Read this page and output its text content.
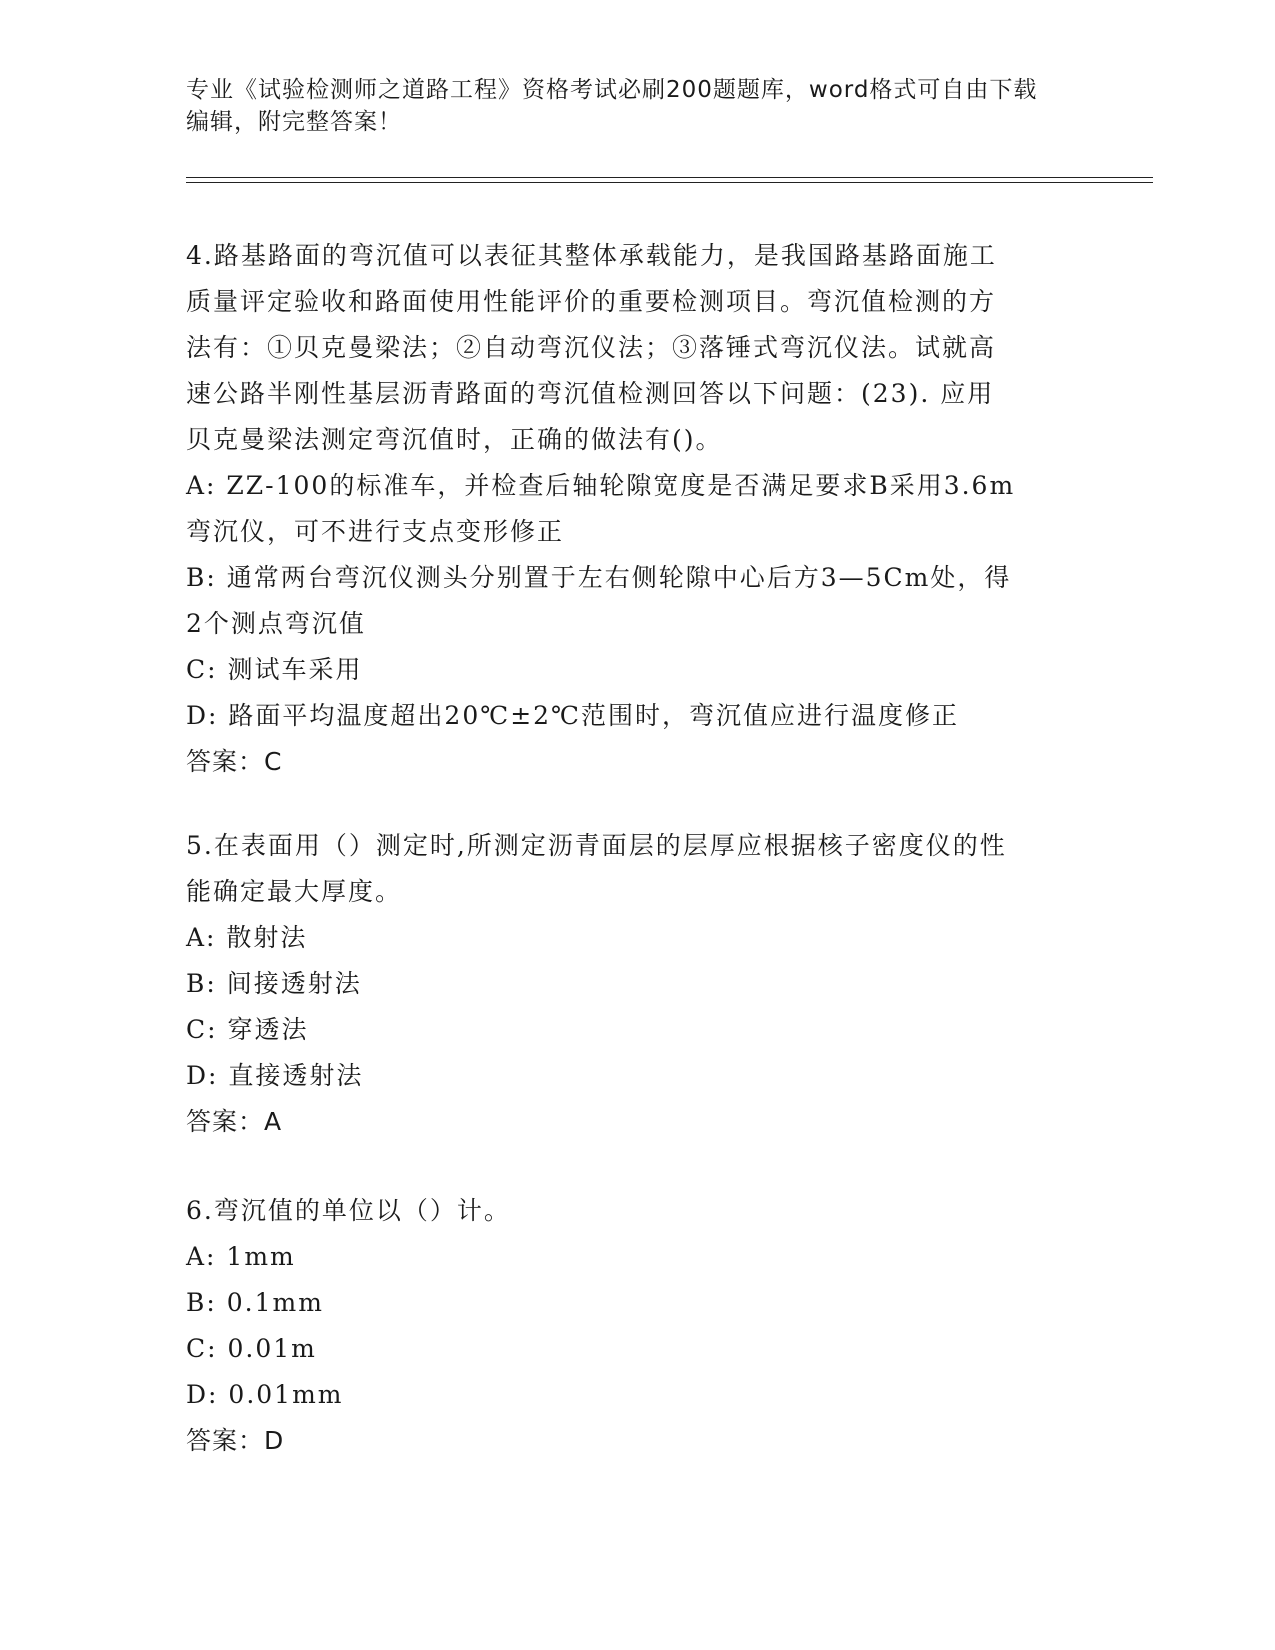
专业《试验检测师之道路工程》资格考试必刷200题题库，word格式可自由下载
编辑，附完整答案！

4.路基路面的弯沉值可以表征其整体承载能力，是我国路基路面施工

质量评定验收和路面使用性能评价的重要检测项目。弯沉值检测的方

法有：①贝克曼梁法；②自动弯沉仪法；③落锤式弯沉仪法。试就高

速公路半刚性基层沥青路面的弯沉值检测回答以下问题：(23). 应用

贝克曼梁法测定弯沉值时，正确的做法有()。

A: ZZ-100的标准车，并检查后轴轮隙宽度是否满足要求B采用3.6m

弯沉仪，可不进行支点变形修正

B: 通常两台弯沉仪测头分别置于左右侧轮隙中心后方3—5Cm处，得

2个测点弯沉值

C: 测试车采用

D: 路面平均温度超出20℃±2℃范围时，弯沉值应进行温度修正

答案：C

5.在表面用（）测定时,所测定沥青面层的层厚应根据核子密度仪的性

能确定最大厚度。

A: 散射法

B: 间接透射法

C: 穿透法

D: 直接透射法

答案：A

6.弯沉值的单位以（）计。

A: 1mm

B: 0.1mm

C: 0.01m

D: 0.01mm

答案：D
